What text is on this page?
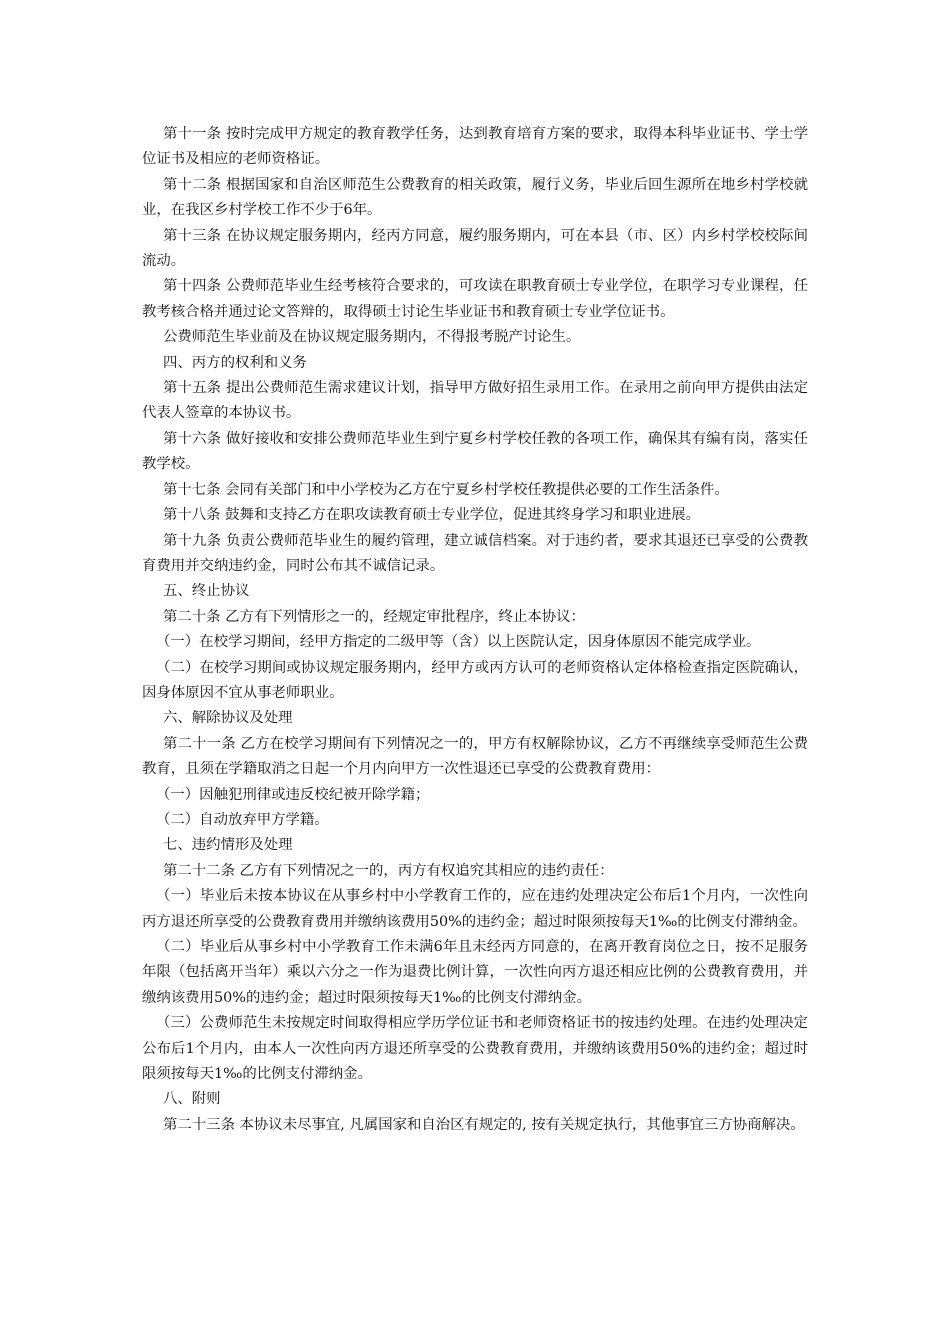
第十一条 按时完成甲方规定的教育教学任务，达到教育培育方案的要求，取得本科毕业证书、学士学位证书及相应的老师资格证。

第十二条 根据国家和自治区师范生公费教育的相关政策，履行义务，毕业后回生源所在地乡村学校就业，在我区乡村学校工作不少于6年。

第十三条 在协议规定服务期内，经丙方同意，履约服务期内，可在本县（市、区）内乡村学校校际间流动。

第十四条 公费师范毕业生经考核符合要求的，可攻读在职教育硕士专业学位，在职学习专业课程，任教考核合格并通过论文答辩的，取得硕士讨论生毕业证书和教育硕士专业学位证书。

公费师范生毕业前及在协议规定服务期内，不得报考脱产讨论生。

四、丙方的权利和义务

第十五条 提出公费师范生需求建议计划，指导甲方做好招生录用工作。在录用之前向甲方提供由法定代表人签章的本协议书。

第十六条 做好接收和安排公费师范毕业生到宁夏乡村学校任教的各项工作，确保其有编有岗，落实任教学校。

第十七条 会同有关部门和中小学校为乙方在宁夏乡村学校任教提供必要的工作生活条件。

第十八条 鼓舞和支持乙方在职攻读教育硕士专业学位，促进其终身学习和职业进展。

第十九条 负责公费师范毕业生的履约管理，建立诚信档案。对于违约者，要求其退还已享受的公费教育费用并交纳违约金，同时公布其不诚信记录。

五、终止协议

第二十条 乙方有下列情形之一的，经规定审批程序，终止本协议：

（一）在校学习期间，经甲方指定的二级甲等（含）以上医院认定，因身体原因不能完成学业。

（二）在校学习期间或协议规定服务期内，经甲方或丙方认可的老师资格认定体格检查指定医院确认，因身体原因不宜从事老师职业。

六、解除协议及处理

第二十一条 乙方在校学习期间有下列情况之一的，甲方有权解除协议，乙方不再继续享受师范生公费教育，且须在学籍取消之日起一个月内向甲方一次性退还已享受的公费教育费用：

（一）因触犯刑律或违反校纪被开除学籍；

（二）自动放弃甲方学籍。

七、违约情形及处理

第二十二条 乙方有下列情况之一的，丙方有权追究其相应的违约责任：

（一）毕业后未按本协议在从事乡村中小学教育工作的，应在违约处理决定公布后1个月内，一次性向丙方退还所享受的公费教育费用并缴纳该费用50%的违约金；超过时限须按每天1‰的比例支付滞纳金。

（二）毕业后从事乡村中小学教育工作未满6年且未经丙方同意的，在离开教育岗位之日，按不足服务年限（包括离开当年）乘以六分之一作为退费比例计算，一次性向丙方退还相应比例的公费教育费用，并缴纳该费用50%的违约金；超过时限须按每天1‰的比例支付滞纳金。

（三）公费师范生未按规定时间取得相应学历学位证书和老师资格证书的按违约处理。在违约处理决定公布后1个月内，由本人一次性向丙方退还所享受的公费教育费用，并缴纳该费用50%的违约金；超过时限须按每天1‰的比例支付滞纳金。

八、附则

第二十三条 本协议未尽事宜, 凡属国家和自治区有规定的, 按有关规定执行，其他事宜三方协商解决。
